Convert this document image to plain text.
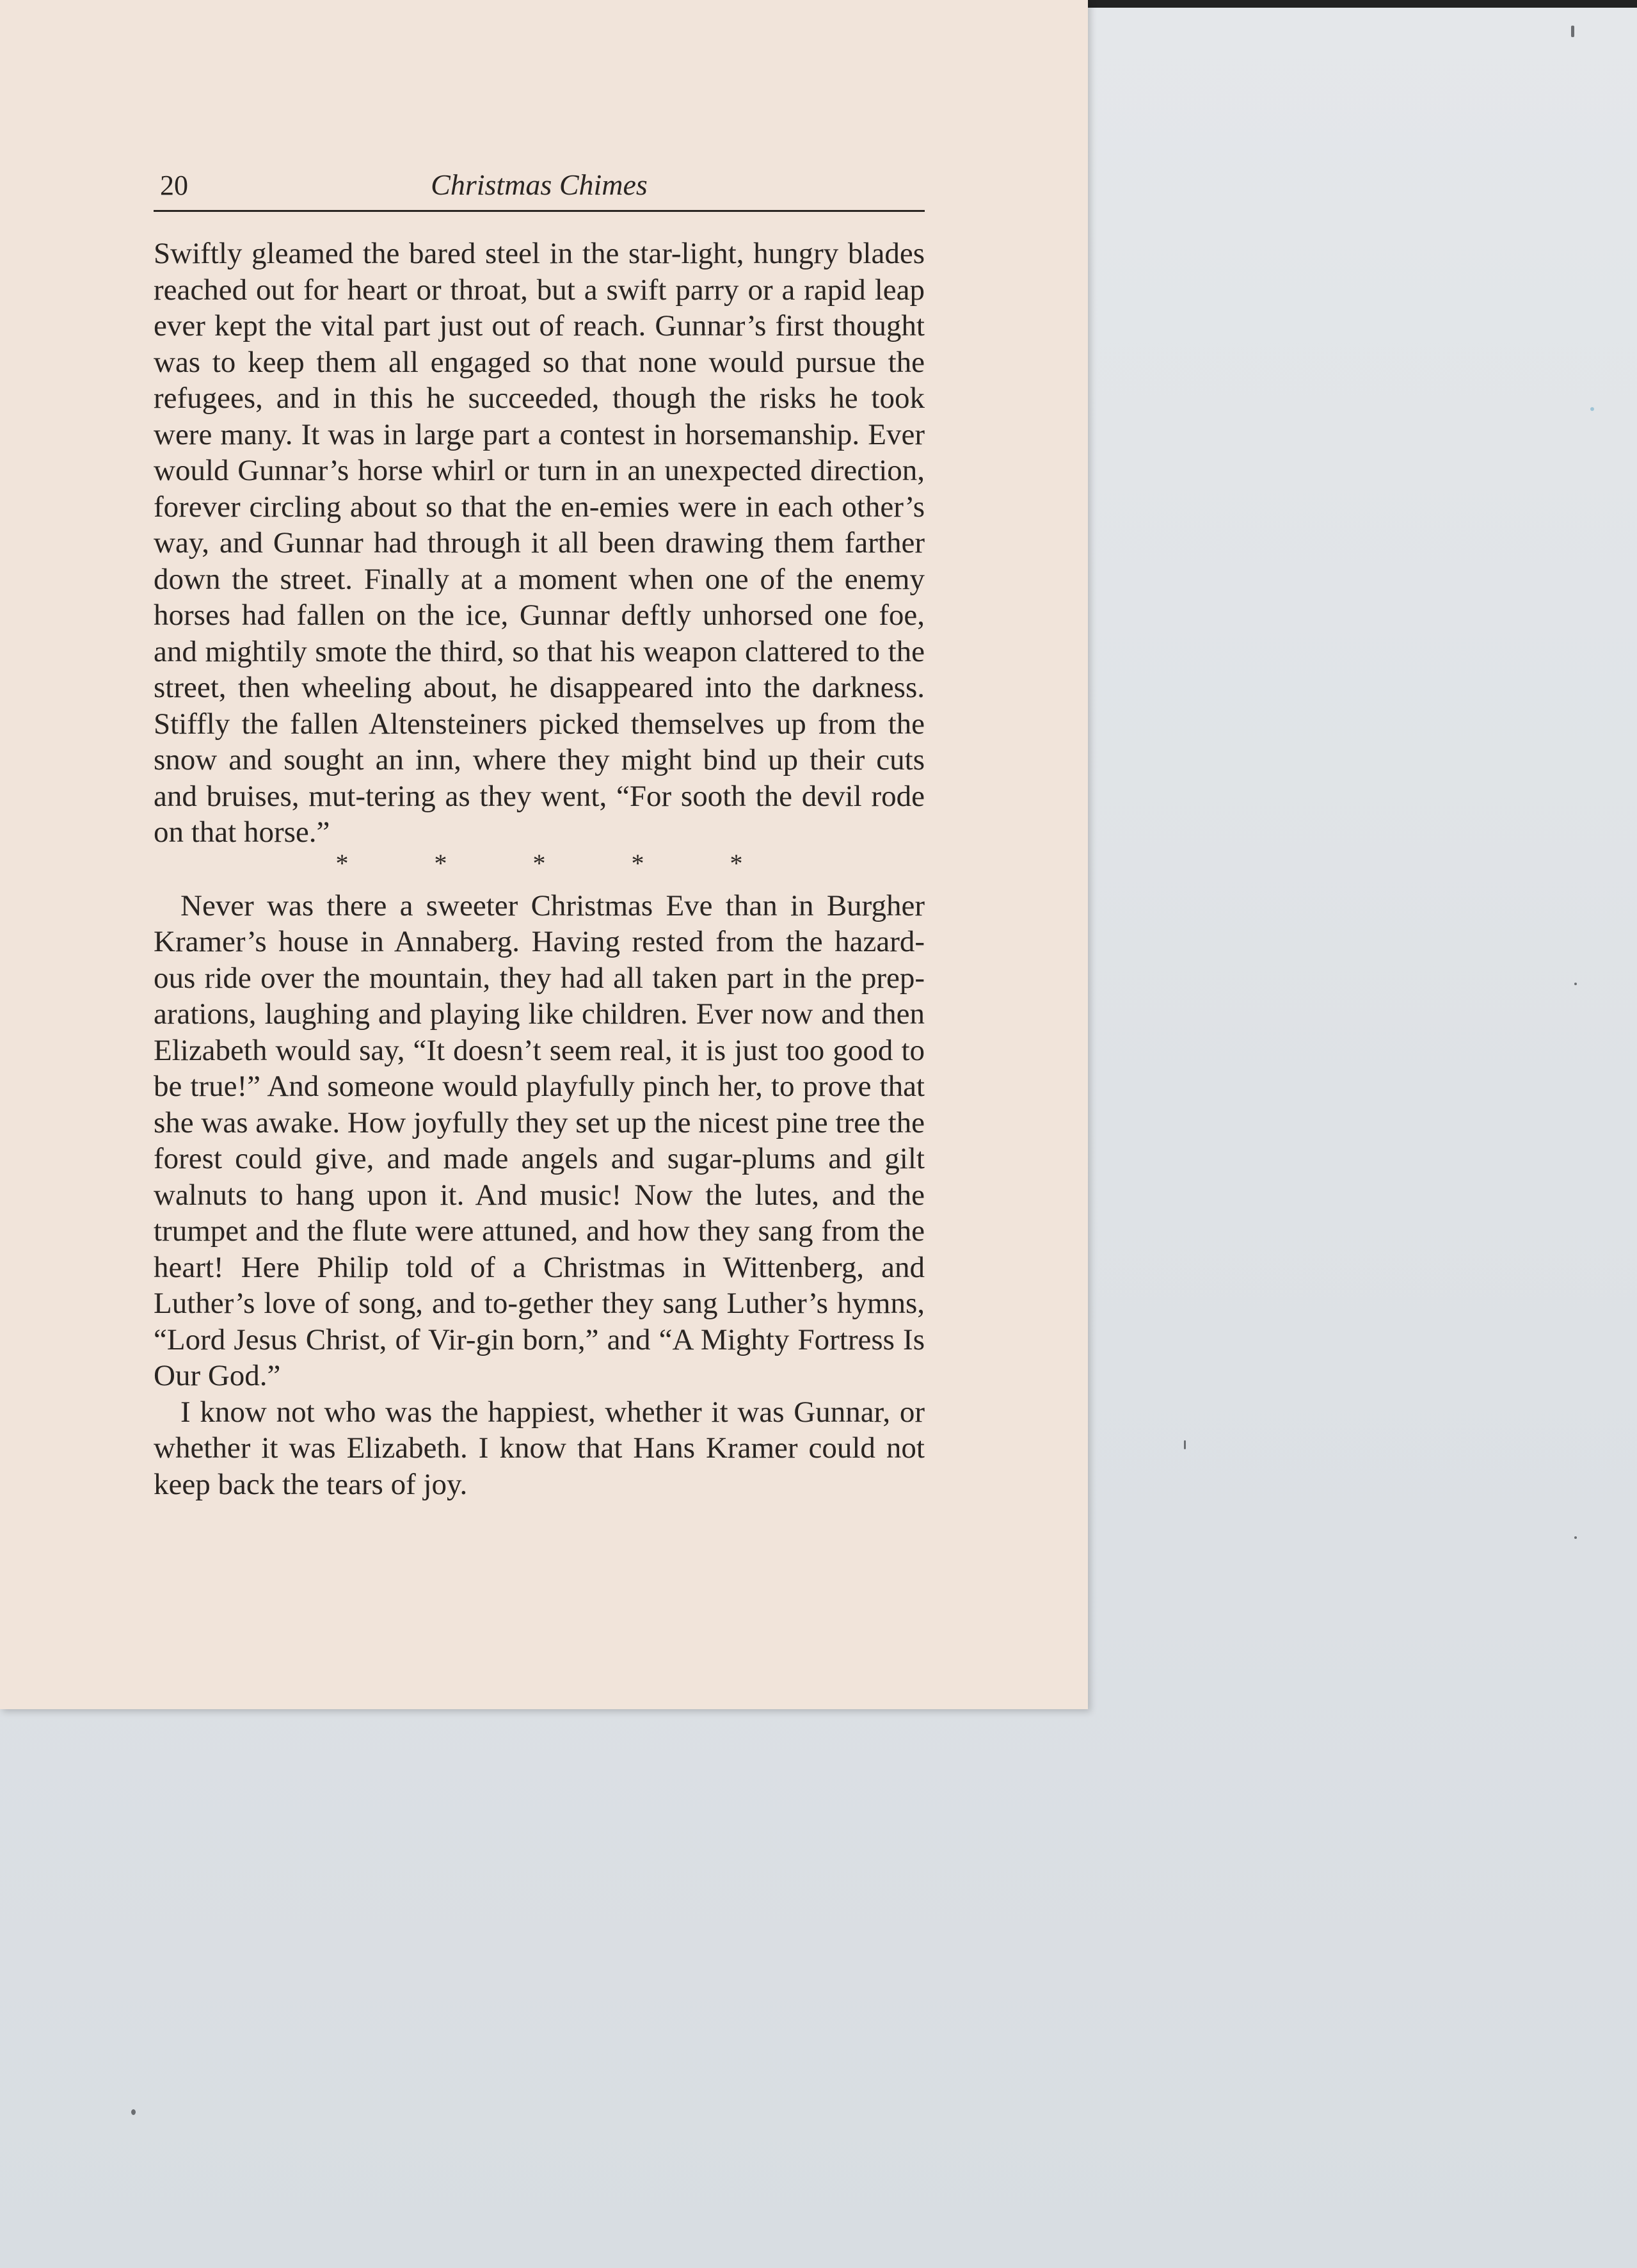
20	Christmas Chimes

Swiftly gleamed the bared steel in the star-light, hungry blades reached out for heart or throat, but a swift parry or a rapid leap ever kept the vital part just out of reach. Gunnar’s first thought was to keep them all engaged so that none would pursue the refugees, and in this he succeeded, though the risks he took were many. It was in large part a contest in horsemanship. Ever would Gunnar’s horse whirl or turn in an unexpected direction, forever circling about so that the en-emies were in each other’s way, and Gunnar had through it all been drawing them farther down the street. Finally at a moment when one of the enemy horses had fallen on the ice, Gunnar deftly unhorsed one foe, and mightily smote the third, so that his weapon clattered to the street, then wheeling about, he disappeared into the darkness. Stiffly the fallen Altensteiners picked themselves up from the snow and sought an inn, where they might bind up their cuts and bruises, mut-tering as they went, “For sooth the devil rode on that horse.”

* * * * *

Never was there a sweeter Christmas Eve than in Burgher Kramer’s house in Annaberg. Having rested from the hazard-ous ride over the mountain, they had all taken part in the prep-arations, laughing and playing like children. Ever now and then Elizabeth would say, “It doesn’t seem real, it is just too good to be true!” And someone would playfully pinch her, to prove that she was awake. How joyfully they set up the nicest pine tree the forest could give, and made angels and sugar-plums and gilt walnuts to hang upon it. And music! Now the lutes, and the trumpet and the flute were attuned, and how they sang from the heart! Here Philip told of a Christmas in Wittenberg, and Luther’s love of song, and to-gether they sang Luther’s hymns, “Lord Jesus Christ, of Vir-gin born,” and “A Mighty Fortress Is Our God.”

I know not who was the happiest, whether it was Gunnar, or whether it was Elizabeth. I know that Hans Kramer could not keep back the tears of joy.
